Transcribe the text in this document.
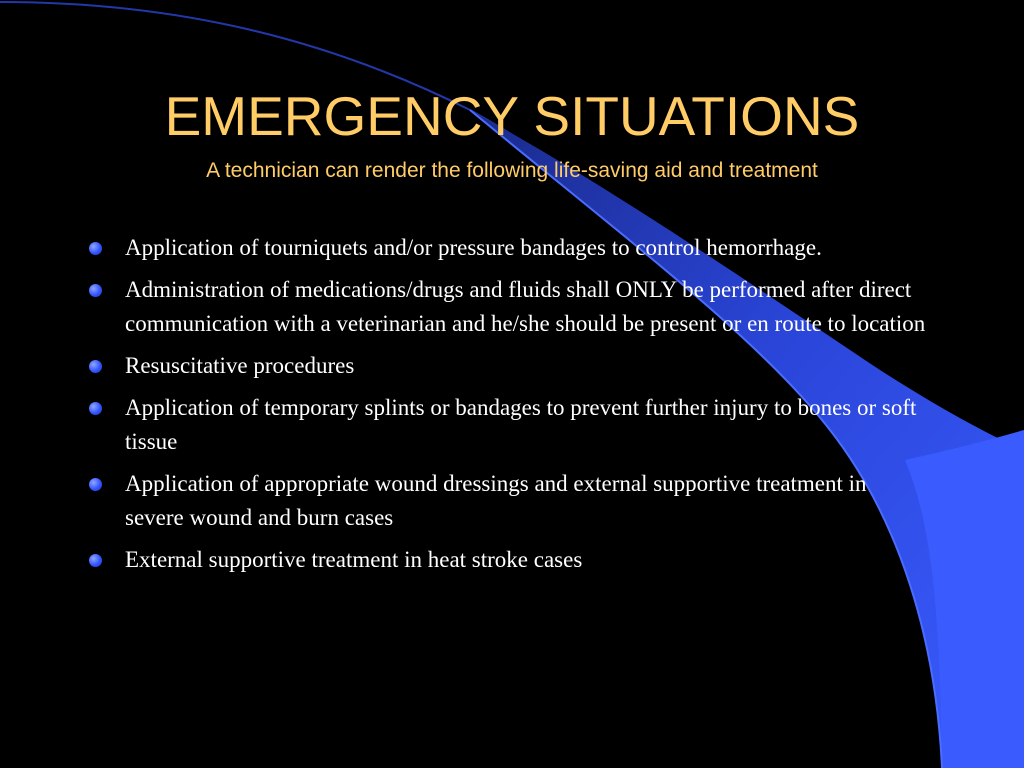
EMERGENCY SITUATIONS

A technician can render the following life-saving aid and treatment

Application of tourniquets and/or pressure bandages to control hemorrhage.
Administration of medications/drugs and fluids shall ONLY be performed after direct communication with a veterinarian and he/she should be present or en route to location
Resuscitative procedures
Application of temporary splints or bandages to prevent further injury to bones or soft tissue
Application of appropriate wound dressings and external supportive treatment in severe wound and burn cases
External supportive treatment in heat stroke cases
